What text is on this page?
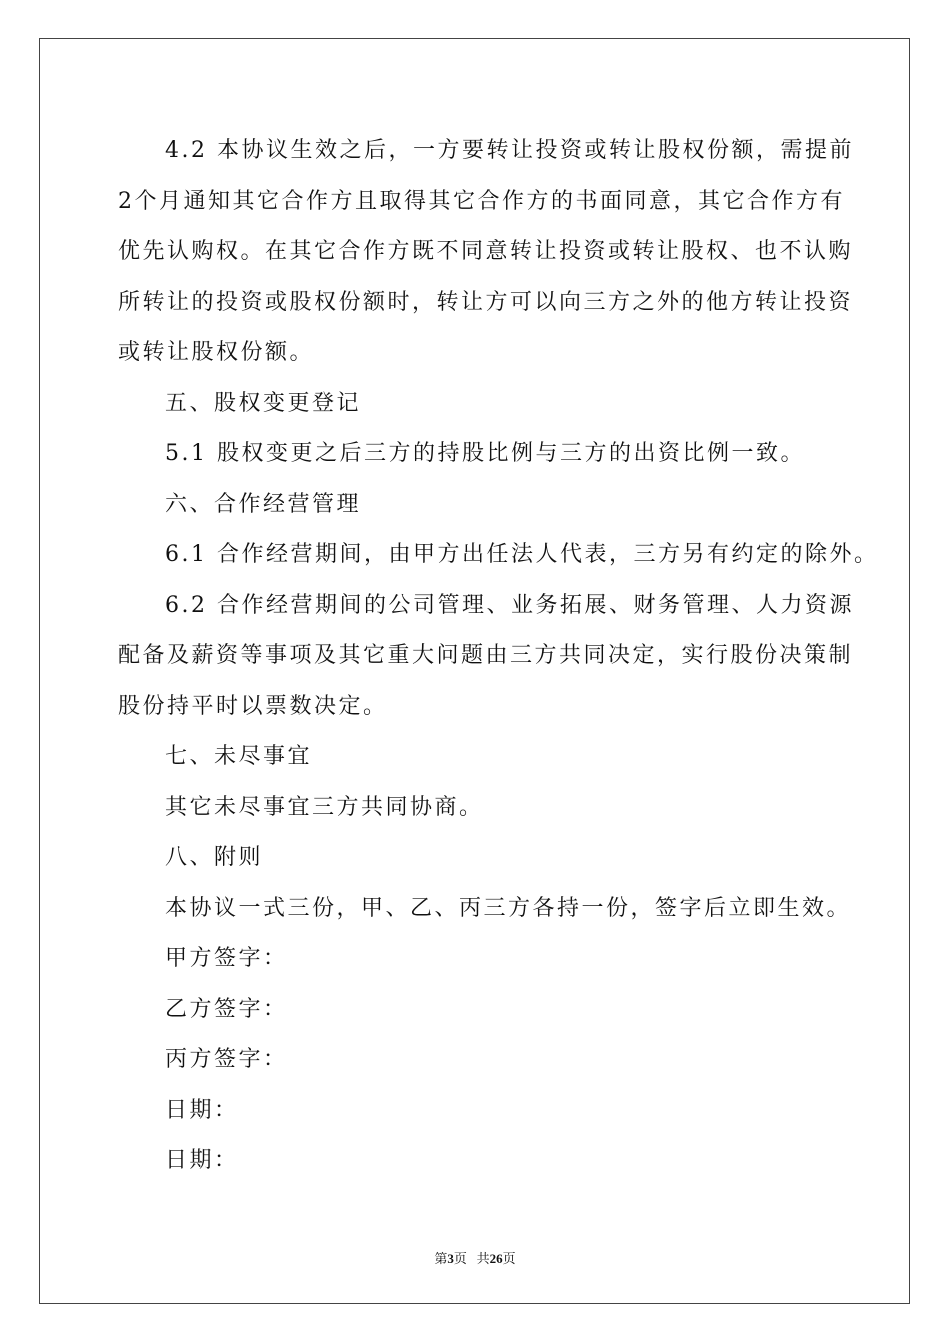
4.2 本协议生效之后，一方要转让投资或转让股权份额，需提前
2个月通知其它合作方且取得其它合作方的书面同意，其它合作方有
优先认购权。在其它合作方既不同意转让投资或转让股权、也不认购
所转让的投资或股权份额时，转让方可以向三方之外的他方转让投资
或转让股权份额。
五、股权变更登记
5.1 股权变更之后三方的持股比例与三方的出资比例一致。
六、合作经营管理
6.1 合作经营期间，由甲方出任法人代表，三方另有约定的除外。
6.2 合作经营期间的公司管理、业务拓展、财务管理、人力资源
配备及薪资等事项及其它重大问题由三方共同决定，实行股份决策制
股份持平时以票数决定。
七、未尽事宜
其它未尽事宜三方共同协商。
八、附则
本协议一式三份，甲、乙、丙三方各持一份，签字后立即生效。
甲方签字：
乙方签字：
丙方签字：
日期：
日期：
第3页 共26页
